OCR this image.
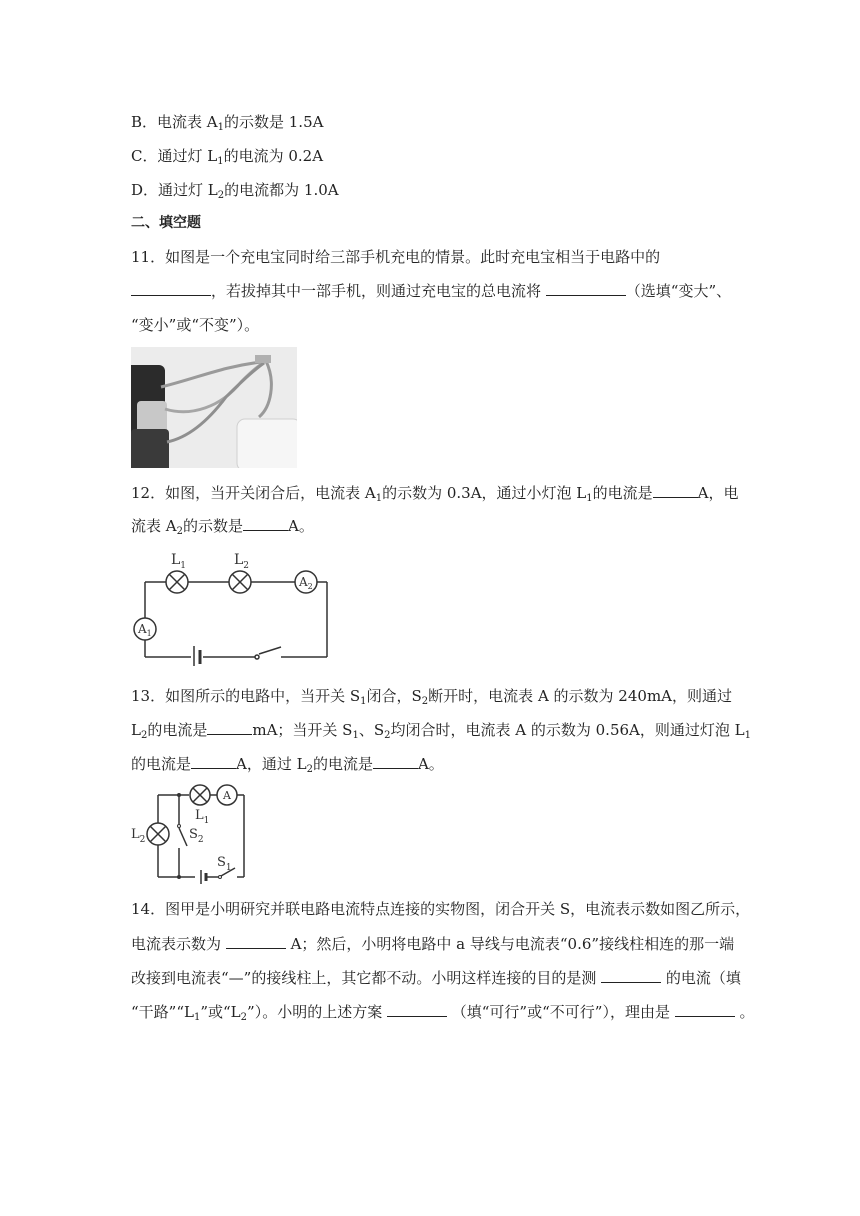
B．电流表 $A_1$的示数是 1.5A
C．通过灯 $L_1$的电流为 0.2A
D．通过灯 $L_2$的电流都为 1.0A
二、填空题
11．如图是一个充电宝同时给三部手机充电的情景。此时充电宝相当于电路中的
，若拔掉其中一部手机，则通过充电宝的总电流将	（选填“变大”、
“变小”或“不变”）。
12．如图，当开关闭合后，电流表 $A_1$的示数为 0.3A，通过小灯泡 $L_1$的电流是	A，电
流表 $A_2$的示数是	A。
$L_1$	$L_2$
$A_2$
$A_1$
13．如图所示的电路中，当开关 $S_1$闭合，$S_2$断开时，电流表 A 的示数为 240mA，则通过
$L_2$的电流是	mA；当开关 $S_1$、$S_2$均闭合时，电流表 A 的示数为 0.56A，则通过灯泡 $L_1$
的电流是	A，通过 $L_2$的电流是	A。
A
$L_1$
$L_2$	$S_2$
$S_1$
14．图甲是小明研究并联电路电流特点连接的实物图，闭合开关 S，电流表示数如图乙所示，
电流表示数为	A；然后，小明将电路中 a 导线与电流表“0.6”接线柱相连的那一端
改接到电流表“—”的接线柱上，其它都不动。小明这样连接的目的是测	的电流（填
“干路$”“L_1$”或“$L_2$”）。小明的上述方案	（填“可行”或“不可行”），理由是	。
